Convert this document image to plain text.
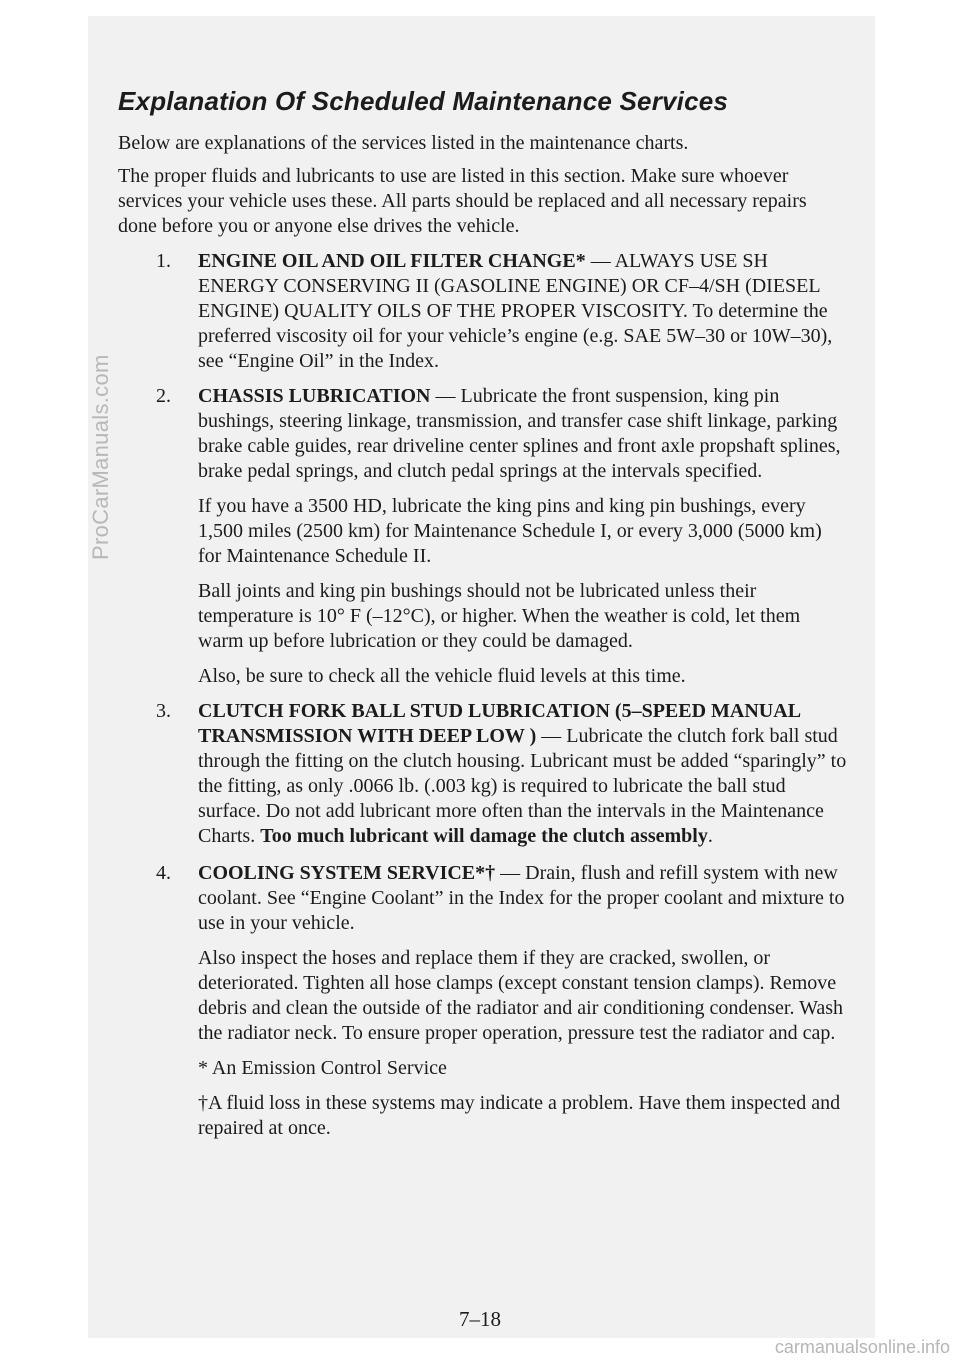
ProCarManuals.com
Explanation Of Scheduled Maintenance Services

Below are explanations of the services listed in the maintenance charts.

The proper fluids and lubricants to use are listed in this section. Make sure whoever services your vehicle uses these. All parts should be replaced and all necessary repairs done before you or anyone else drives the vehicle.

1. ENGINE OIL AND OIL FILTER CHANGE* — ALWAYS USE SH ENERGY CONSERVING II (GASOLINE ENGINE) OR CF–4/SH (DIESEL ENGINE) QUALITY OILS OF THE PROPER VISCOSITY. To determine the preferred viscosity oil for your vehicle’s engine (e.g. SAE 5W–30 or 10W–30), see “Engine Oil” in the Index.

2. CHASSIS LUBRICATION — Lubricate the front suspension, king pin bushings, steering linkage, transmission, and transfer case shift linkage, parking brake cable guides, rear driveline center splines and front axle propshaft splines, brake pedal springs, and clutch pedal springs at the intervals specified.

If you have a 3500 HD, lubricate the king pins and king pin bushings, every 1,500 miles (2500 km) for Maintenance Schedule I, or every 3,000 (5000 km) for Maintenance Schedule II.

Ball joints and king pin bushings should not be lubricated unless their temperature is 10° F (–12°C), or higher. When the weather is cold, let them warm up before lubrication or they could be damaged.

Also, be sure to check all the vehicle fluid levels at this time.

3. CLUTCH FORK BALL STUD LUBRICATION (5–SPEED MANUAL TRANSMISSION WITH DEEP LOW ) — Lubricate the clutch fork ball stud through the fitting on the clutch housing. Lubricant must be added “sparingly” to the fitting, as only .0066 lb. (.003 kg) is required to lubricate the ball stud surface. Do not add lubricant more often than the intervals in the Maintenance Charts. Too much lubricant will damage the clutch assembly.

4. COOLING SYSTEM SERVICE*† — Drain, flush and refill system with new coolant. See “Engine Coolant” in the Index for the proper coolant and mixture to use in your vehicle.

Also inspect the hoses and replace them if they are cracked, swollen, or deteriorated. Tighten all hose clamps (except constant tension clamps). Remove debris and clean the outside of the radiator and air conditioning condenser. Wash the radiator neck. To ensure proper operation, pressure test the radiator and cap.

* An Emission Control Service

†A fluid loss in these systems may indicate a problem. Have them inspected and repaired at once.

7–18
carmanualsonline.info
